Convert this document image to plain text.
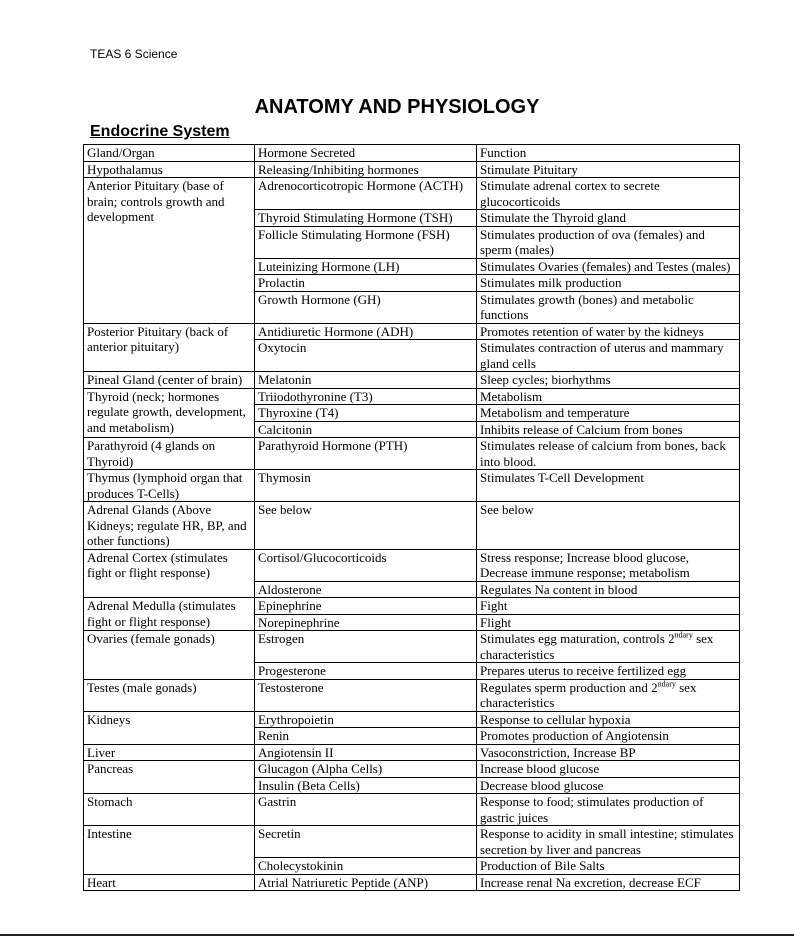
TEAS 6 Science
ANATOMY AND PHYSIOLOGY
Endocrine System
Gland/Organ	Hormone Secreted	Function
Hypothalamus	Releasing/Inhibiting hormones	Stimulate Pituitary
Anterior Pituitary (base of brain; controls growth and development	Adrenocorticotropic Hormone (ACTH)	Stimulate adrenal cortex to secrete glucocorticoids
	Thyroid Stimulating Hormone (TSH)	Stimulate the Thyroid gland
	Follicle Stimulating Hormone (FSH)	Stimulates production of ova (females) and sperm (males)
	Luteinizing Hormone (LH)	Stimulates Ovaries (females) and Testes (males)
	Prolactin	Stimulates milk production
	Growth Hormone (GH)	Stimulates growth (bones) and metabolic functions
Posterior Pituitary (back of anterior pituitary)	Antidiuretic Hormone (ADH)	Promotes retention of water by the kidneys
	Oxytocin	Stimulates contraction of uterus and mammary gland cells
Pineal Gland (center of brain)	Melatonin	Sleep cycles; biorhythms
Thyroid (neck; hormones regulate growth, development, and metabolism)	Triiodothyronine (T3)	Metabolism
	Thyroxine (T4)	Metabolism and temperature
	Calcitonin	Inhibits release of Calcium from bones
Parathyroid (4 glands on Thyroid)	Parathyroid Hormone (PTH)	Stimulates release of calcium from bones, back into blood.
Thymus (lymphoid organ that produces T-Cells)	Thymosin	Stimulates T-Cell Development
Adrenal Glands (Above Kidneys; regulate HR, BP, and other functions)	See below	See below
Adrenal Cortex (stimulates fight or flight response)	Cortisol/Glucocorticoids	Stress response; Increase blood glucose, Decrease immune response; metabolism
	Aldosterone	Regulates Na content in blood
Adrenal Medulla (stimulates fight or flight response)	Epinephrine	Fight
	Norepinephrine	Flight
Ovaries (female gonads)	Estrogen	Stimulates egg maturation, controls $2^{ndary}$ sex characteristics
	Progesterone	Prepares uterus to receive fertilized egg
Testes (male gonads)	Testosterone	Regulates sperm production and $2^{ndary}$ sex characteristics
Kidneys	Erythropoietin	Response to cellular hypoxia
	Renin	Promotes production of Angiotensin
Liver	Angiotensin II	Vasoconstriction, Increase BP
Pancreas	Glucagon (Alpha Cells)	Increase blood glucose
	Insulin (Beta Cells)	Decrease blood glucose
Stomach	Gastrin	Response to food; stimulates production of gastric juices
Intestine	Secretin	Response to acidity in small intestine; stimulates secretion by liver and pancreas
	Cholecystokinin	Production of Bile Salts
Heart	Atrial Natriuretic Peptide (ANP)	Increase renal Na excretion, decrease ECF
